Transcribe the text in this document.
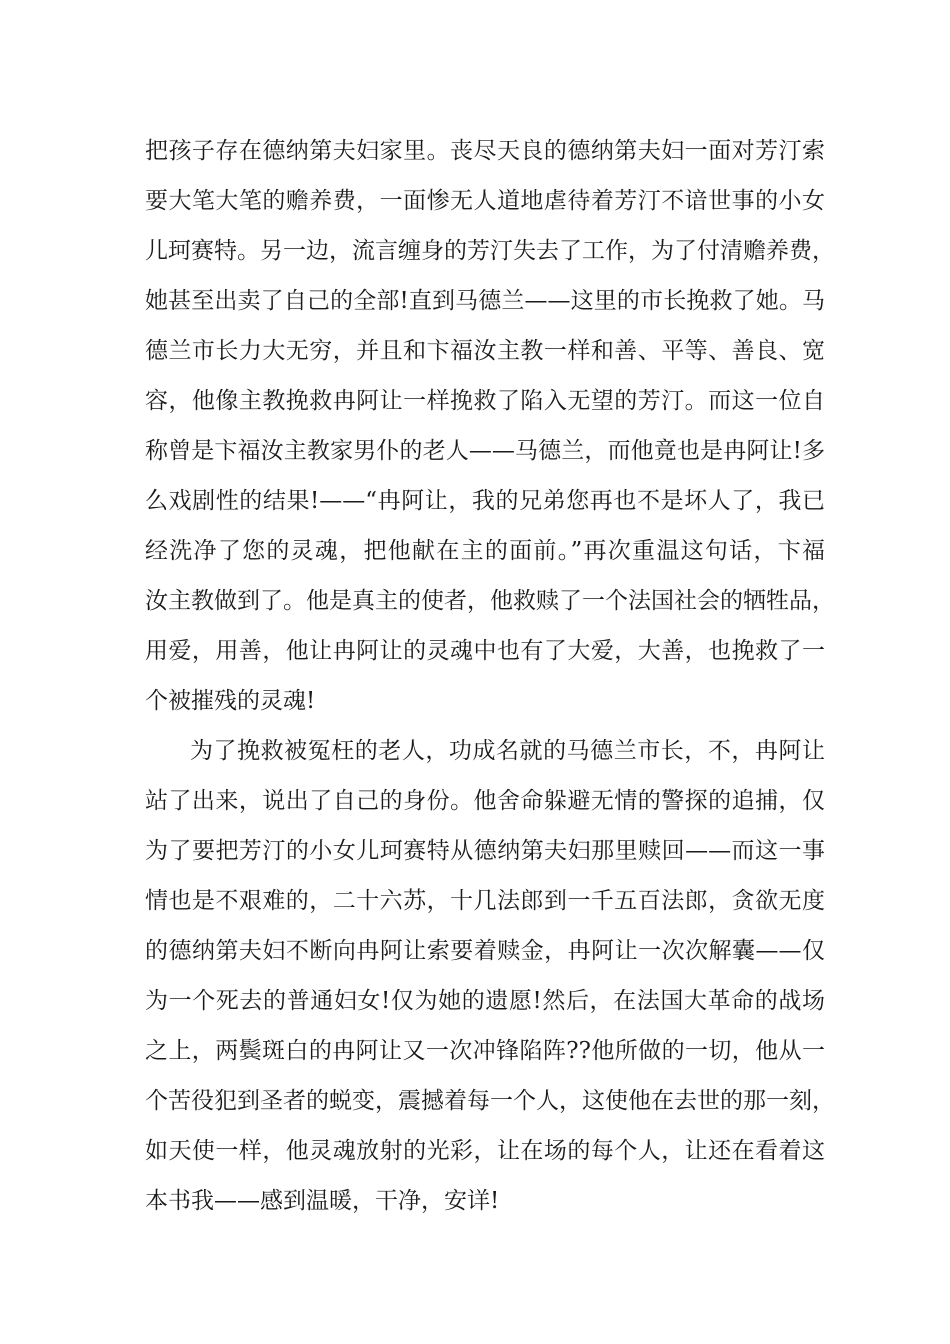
把孩子存在德纳第夫妇家里。丧尽天良的德纳第夫妇一面对芳汀索
要大笔大笔的赡养费，一面惨无人道地虐待着芳汀不谙世事的小女
儿珂赛特。另一边，流言缠身的芳汀失去了工作，为了付清赡养费，
她甚至出卖了自己的全部!直到马德兰——这里的市长挽救了她。马
德兰市长力大无穷，并且和卞福汝主教一样和善、平等、善良、宽
容，他像主教挽救冉阿让一样挽救了陷入无望的芳汀。而这一位自
称曾是卞福汝主教家男仆的老人——马德兰，而他竟也是冉阿让!多
么戏剧性的结果!——“冉阿让，我的兄弟您再也不是坏人了，我已
经洗净了您的灵魂，把他献在主的面前。”再次重温这句话，卞福
汝主教做到了。他是真主的使者，他救赎了一个法国社会的牺牲品，
用爱，用善，他让冉阿让的灵魂中也有了大爱，大善，也挽救了一
个被摧残的灵魂!
为了挽救被冤枉的老人，功成名就的马德兰市长，不，冉阿让
站了出来，说出了自己的身份。他舍命躲避无情的警探的追捕，仅
为了要把芳汀的小女儿珂赛特从德纳第夫妇那里赎回——而这一事
情也是不艰难的，二十六苏，十几法郎到一千五百法郎，贪欲无度
的德纳第夫妇不断向冉阿让索要着赎金，冉阿让一次次解囊——仅
为一个死去的普通妇女!仅为她的遗愿!然后，在法国大革命的战场
之上，两鬓斑白的冉阿让又一次冲锋陷阵??他所做的一切，他从一
个苦役犯到圣者的蜕变，震撼着每一个人，这使他在去世的那一刻，
如天使一样，他灵魂放射的光彩，让在场的每个人，让还在看着这
本书我——感到温暖，干净，安详!
